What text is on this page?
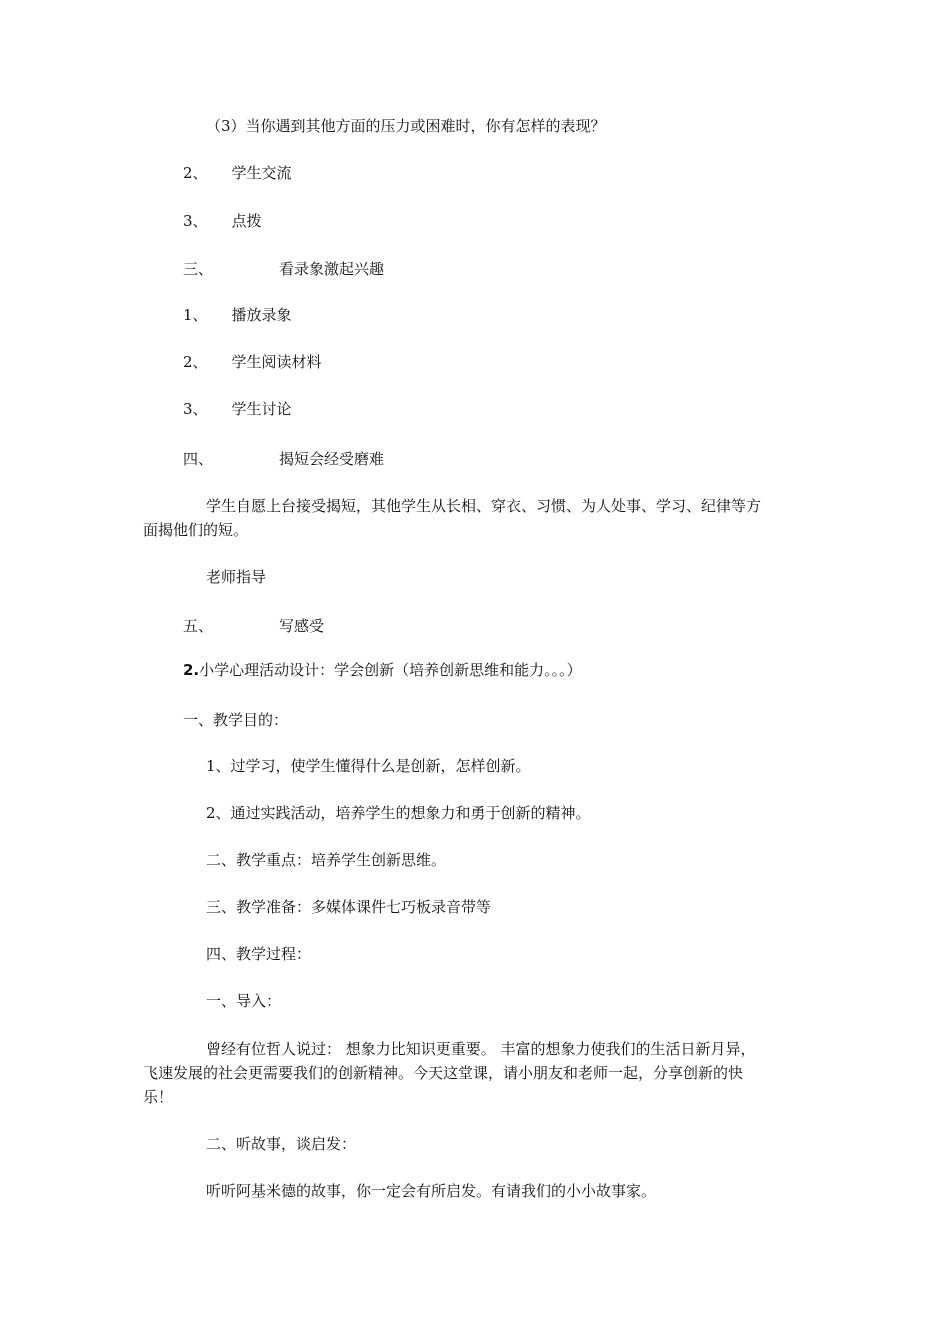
（3）当你遇到其他方面的压力或困难时，你有怎样的表现？
2、 学生交流
3、 点拨
三、	看录象激起兴趣
1、 播放录象
2、 学生阅读材料
3、 学生讨论
四、	揭短会经受磨难
学生自愿上台接受揭短，其他学生从长相、穿衣、习惯、为人处事、学习、纪律等方
面揭他们的短。
老师指导
五、	写感受
2.小学心理活动设计：学会创新（培养创新思维和能力。。。）
一、教学目的：
1、过学习，使学生懂得什么是创新，怎样创新。
2、通过实践活动，培养学生的想象力和勇于创新的精神。
二、教学重点：培养学生创新思维。
三、教学准备：多媒体课件七巧板录音带等
四、教学过程：
一、导入：
曾经有位哲人说过： 想象力比知识更重要。 丰富的想象力使我们的生活日新月异，
飞速发展的社会更需要我们的创新精神。今天这堂课，请小朋友和老师一起，分享创新的快
乐！
二、听故事，谈启发：
听听阿基米德的故事，你一定会有所启发。有请我们的小小故事家。
